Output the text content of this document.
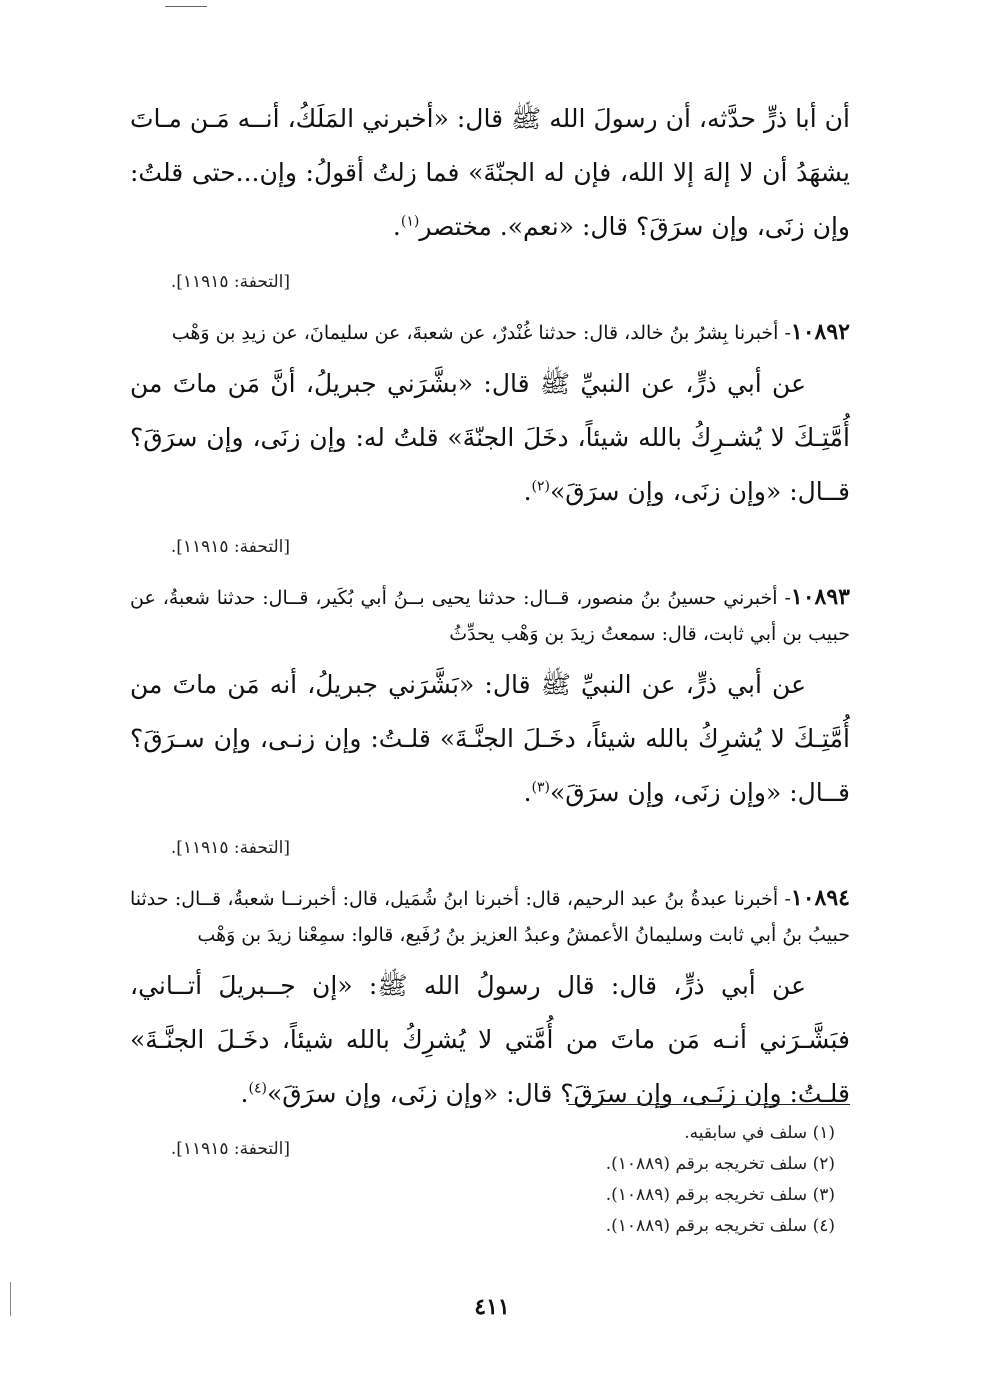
أن أبا ذرٍّ حدَّثه، أن رسولَ الله ﷺ قال: «أخبرني المَلَكُ، أنــه مَـن مـاتَ يشهَدُ أن لا إلهَ إلا الله، فإن له الجنّةَ» فما زلتُ أقولُ: وإن...حتى قلتُ: وإن زنَى، وإن سرَقَ؟ قال: «نعم». مختصر$^{(١)}$.

[التحفة: ١١٩١٥].

١٠٨٩٢- أخبرنا بِشرُ بنُ خالد، قال: حدثنا غُنْدرٌ، عن شعبةَ، عن سليمانَ، عن زيدِ بن وَهْب

عن أبي ذرٍّ، عن النبيِّ ﷺ قال: «بشَّرَني جبريلُ، أنَّ مَن ماتَ من أُمَّتِـكَ لا يُشـرِكُ بالله شيئاً، دخَلَ الجنّةَ» قلتُ له: وإن زنَى، وإن سرَقَ؟ قــال: «وإن زنَى، وإن سرَقَ»$^{(٢)}$.

[التحفة: ١١٩١٥].

١٠٨٩٣- أخبرني حسينُ بنُ منصور، قــال: حدثنا يحيى بــنُ أبي بُكَير، قــال: حدثنا شعبةُ، عن حبيب بن أبي ثابت، قال: سمعتُ زيدَ بن وَهْب يحدِّثُ

عن أبي ذرٍّ، عن النبيِّ ﷺ قال: «بَشَّرَني جبريلُ، أنه مَن ماتَ من أُمَّتِـكَ لا يُشرِكُ بالله شيئاً، دخَـلَ الجنَّـةَ» قلـتُ: وإن زنـى، وإن سـرَقَ؟ قــال: «وإن زنَى، وإن سرَقَ»$^{(٣)}$.

[التحفة: ١١٩١٥].

١٠٨٩٤- أخبرنا عبدةُ بنُ عبد الرحيم، قال: أخبرنا ابنُ شُمَيل، قال: أخبرنــا شعبةُ، قــال: حدثنا حبيبُ بنُ أبي ثابت وسليمانُ الأعمشُ وعبدُ العزيز بنُ رُفَيع، قالوا: سمِعْنا زيدَ بن وَهْب

عن أبي ذرٍّ، قال: قال رسولُ الله ﷺ: «إن جــبريلَ أتــاني، فبَشَّـرَني أنـه مَن ماتَ من أُمَّتي لا يُشرِكُ بالله شيئاً، دخَـلَ الجنَّـةَ» قلـتُ: وإن زنَـى، وإن سرَقَ؟ قال: «وإن زنَى، وإن سرَقَ»$^{(٤)}$.

[التحفة: ١١٩١٥].

(١) سلف في سابقيه.

(٢) سلف تخريجه برقم (١٠٨٨٩).

(٣) سلف تخريجه برقم (١٠٨٨٩).

(٤) سلف تخريجه برقم (١٠٨٨٩).

٤١١
